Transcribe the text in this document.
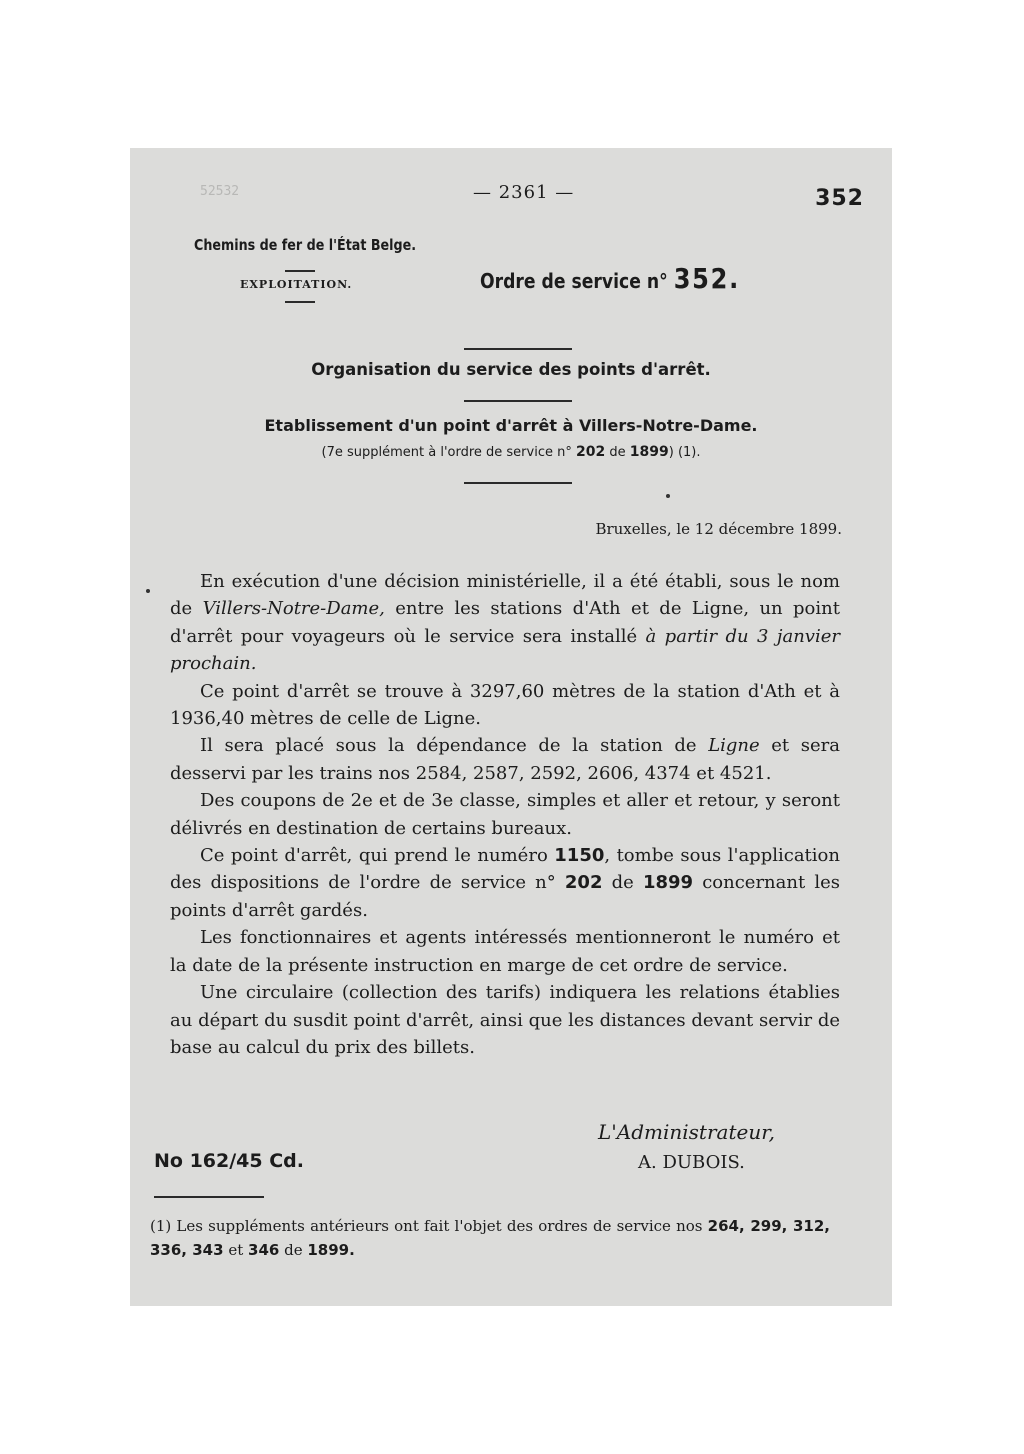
52532	— 2361 —	352
Chemins de fer de l'État Belge.
EXPLOITATION.	Ordre de service n° 352.
Organisation du service des points d'arrêt.
Etablissement d'un point d'arrêt à Villers-Notre-Dame.
(7e supplément à l'ordre de service n° 202 de 1899) (1).
Bruxelles, le 12 décembre 1899.

En exécution d'une décision ministérielle, il a été établi, sous le nom de Villers-Notre-Dame, entre les stations d'Ath et de Ligne, un point d'arrêt pour voyageurs où le service sera installé à partir du 3 janvier prochain.

Ce point d'arrêt se trouve à 3297,60 mètres de la station d'Ath et à 1936,40 mètres de celle de Ligne.

Il sera placé sous la dépendance de la station de Ligne et sera desservi par les trains nos 2584, 2587, 2592, 2606, 4374 et 4521.

Des coupons de 2e et de 3e classe, simples et aller et retour, y seront délivrés en destination de certains bureaux.

Ce point d'arrêt, qui prend le numéro 1150, tombe sous l'application des dispositions de l'ordre de service n° 202 de 1899 concernant les points d'arrêt gardés.

Les fonctionnaires et agents intéressés mentionneront le numéro et la date de la présente instruction en marge de cet ordre de service.

Une circulaire (collection des tarifs) indiquera les relations établies au départ du susdit point d'arrêt, ainsi que les distances devant servir de base au calcul du prix des billets.

L'Administrateur,
A. DUBOIS.
No 162/45 Cd.
(1) Les suppléments antérieurs ont fait l'objet des ordres de service nos 264, 299, 312, 336, 343 et 346 de 1899.
